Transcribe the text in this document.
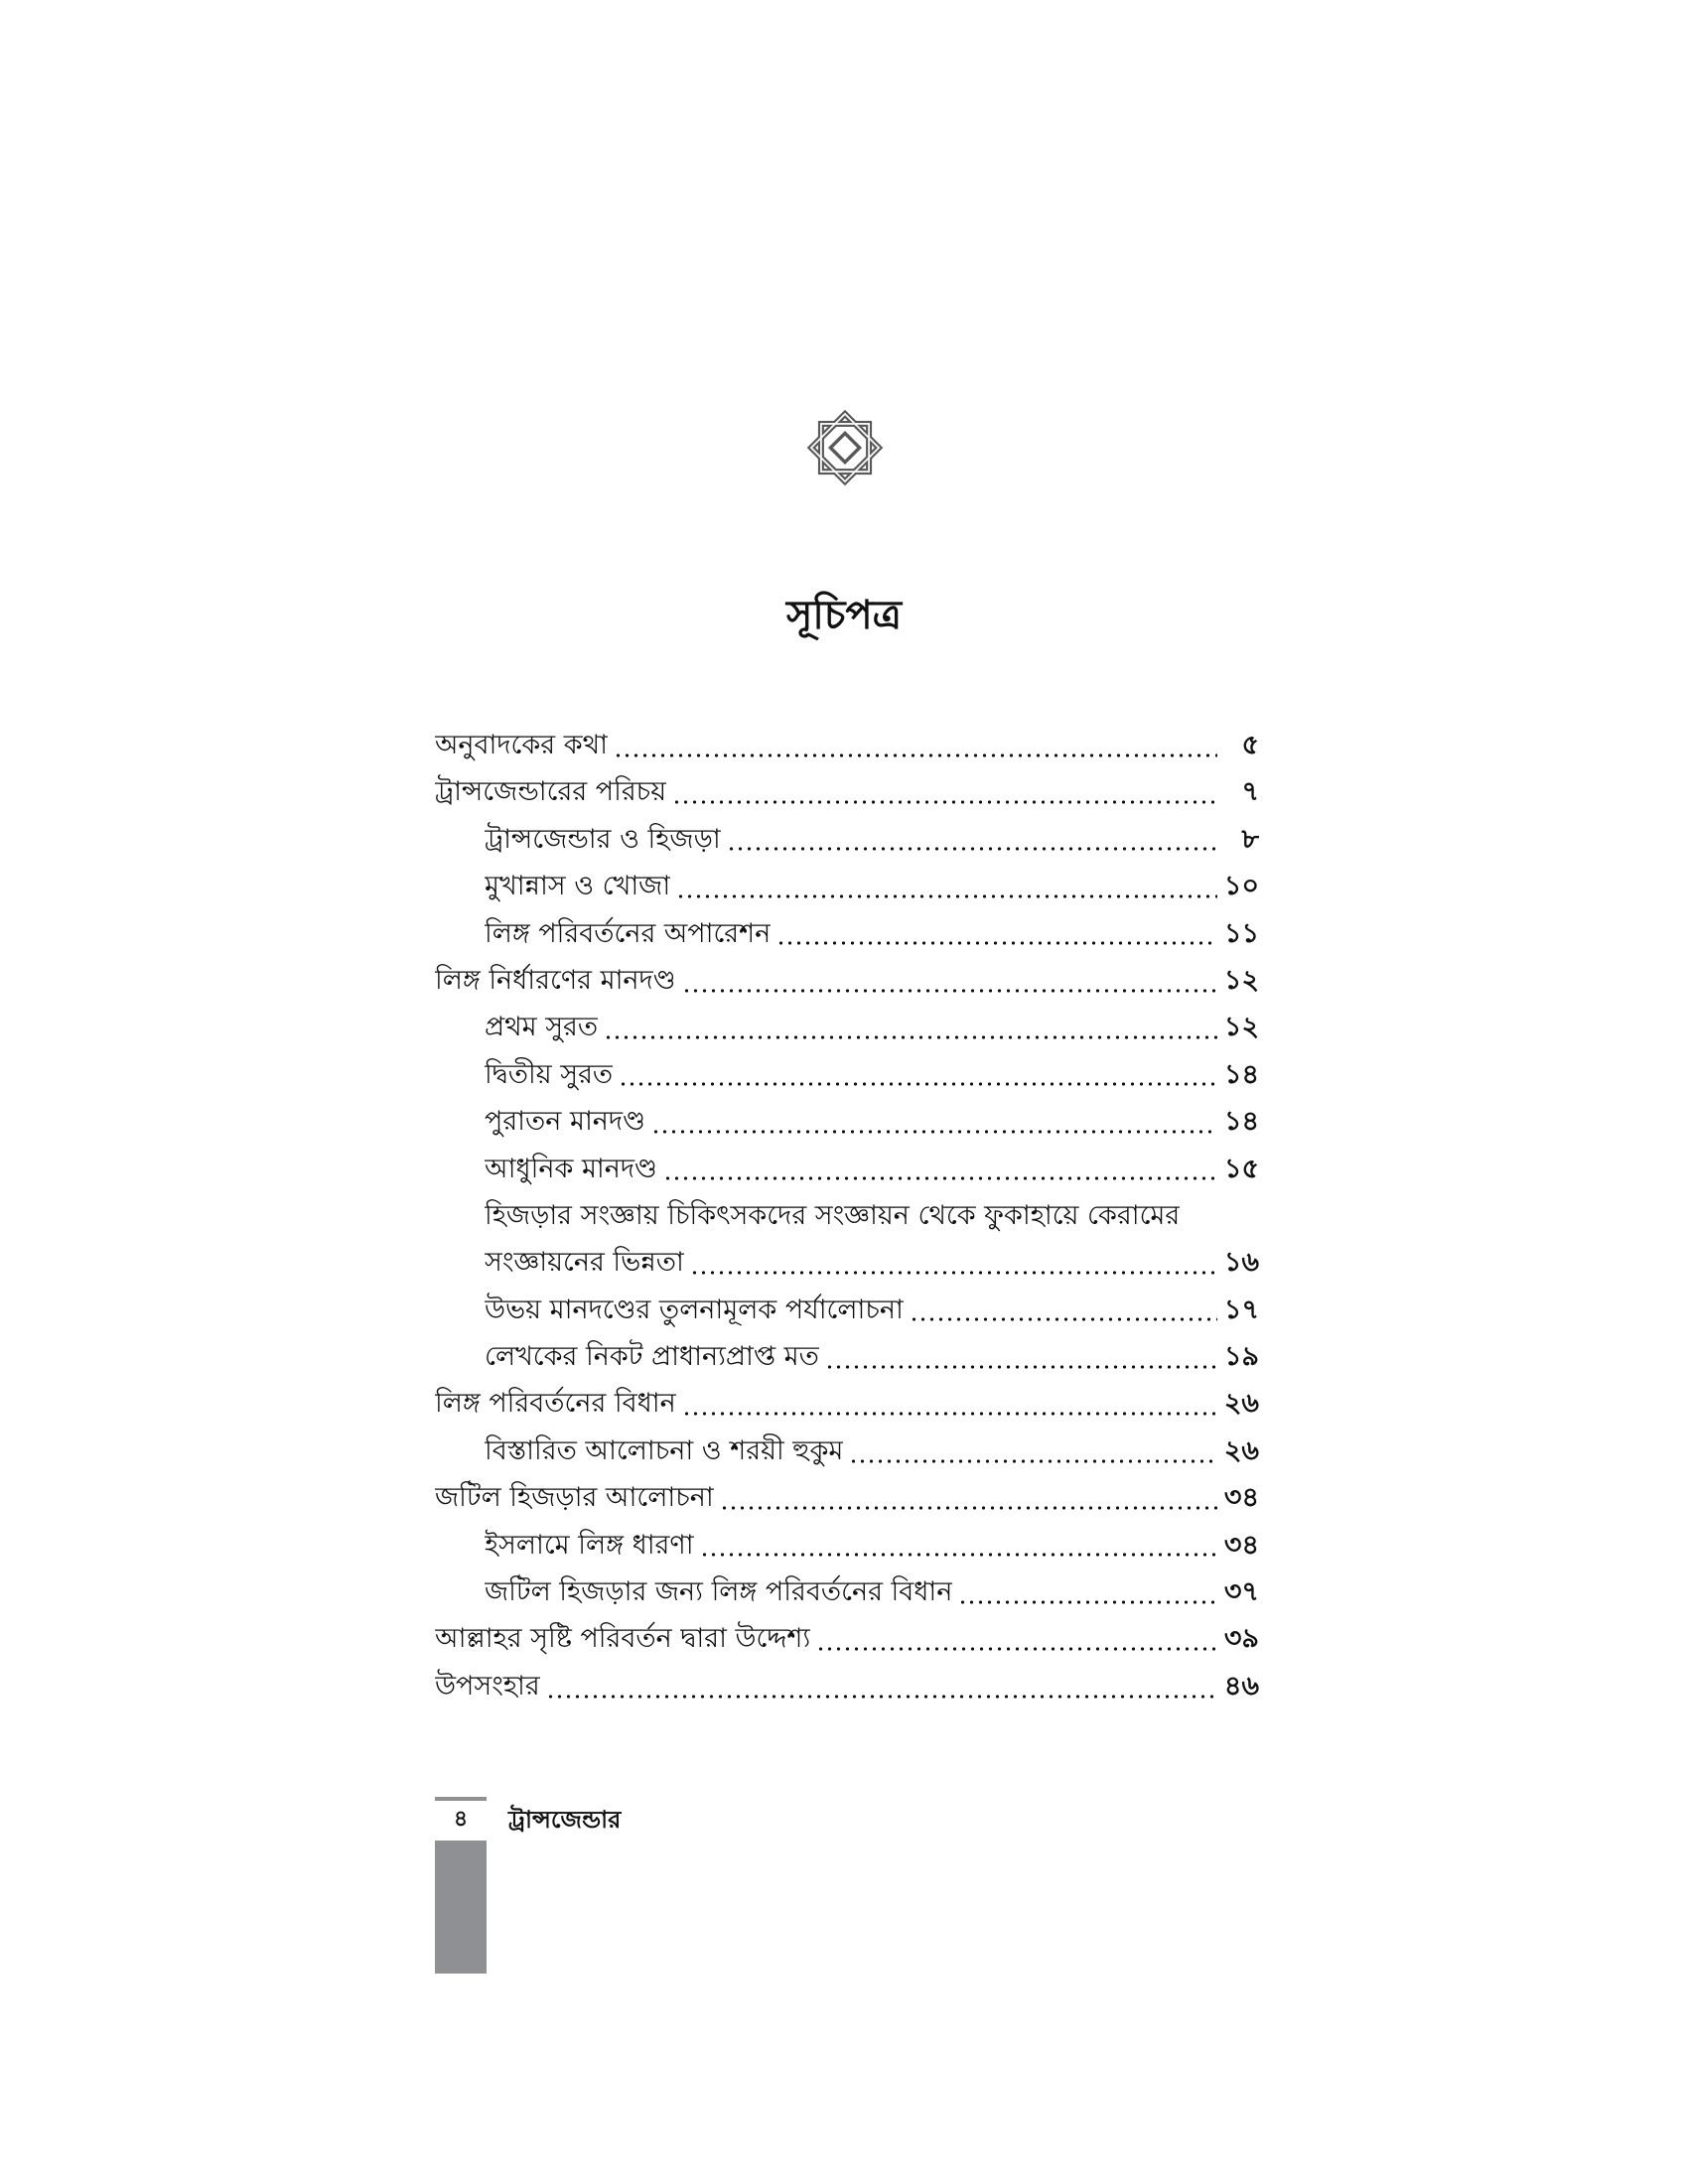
সূচিপত্র
অনুবাদকের কথা	৫
ট্রান্সজেন্ডারের পরিচয়	৭
ট্রান্সজেন্ডার ও হিজড়া	৮
মুখান্নাস ও খোজা	১০
লিঙ্গ পরিবর্তনের অপারেশন	১১
লিঙ্গ নির্ধারণের মানদণ্ড	১২
প্রথম সুরত	১২
দ্বিতীয় সুরত	১৪
পুরাতন মানদণ্ড	১৪
আধুনিক মানদণ্ড	১৫
হিজড়ার সংজ্ঞায় চিকিৎসকদের সংজ্ঞায়ন থেকে ফুকাহায়ে কেরামের
সংজ্ঞায়নের ভিন্নতা	১৬
উভয় মানদণ্ডের তুলনামূলক পর্যালোচনা	১৭
লেখকের নিকট প্রাধান্যপ্রাপ্ত মত	১৯
লিঙ্গ পরিবর্তনের বিধান	২৬
বিস্তারিত আলোচনা ও শরয়ী হুকুম	২৬
জটিল হিজড়ার আলোচনা	৩৪
ইসলামে লিঙ্গ ধারণা	৩৪
জটিল হিজড়ার জন্য লিঙ্গ পরিবর্তনের বিধান	৩৭
আল্লাহর সৃষ্টি পরিবর্তন দ্বারা উদ্দেশ্য	৩৯
উপসংহার	৪৬
৪	ট্রান্সজেন্ডার
